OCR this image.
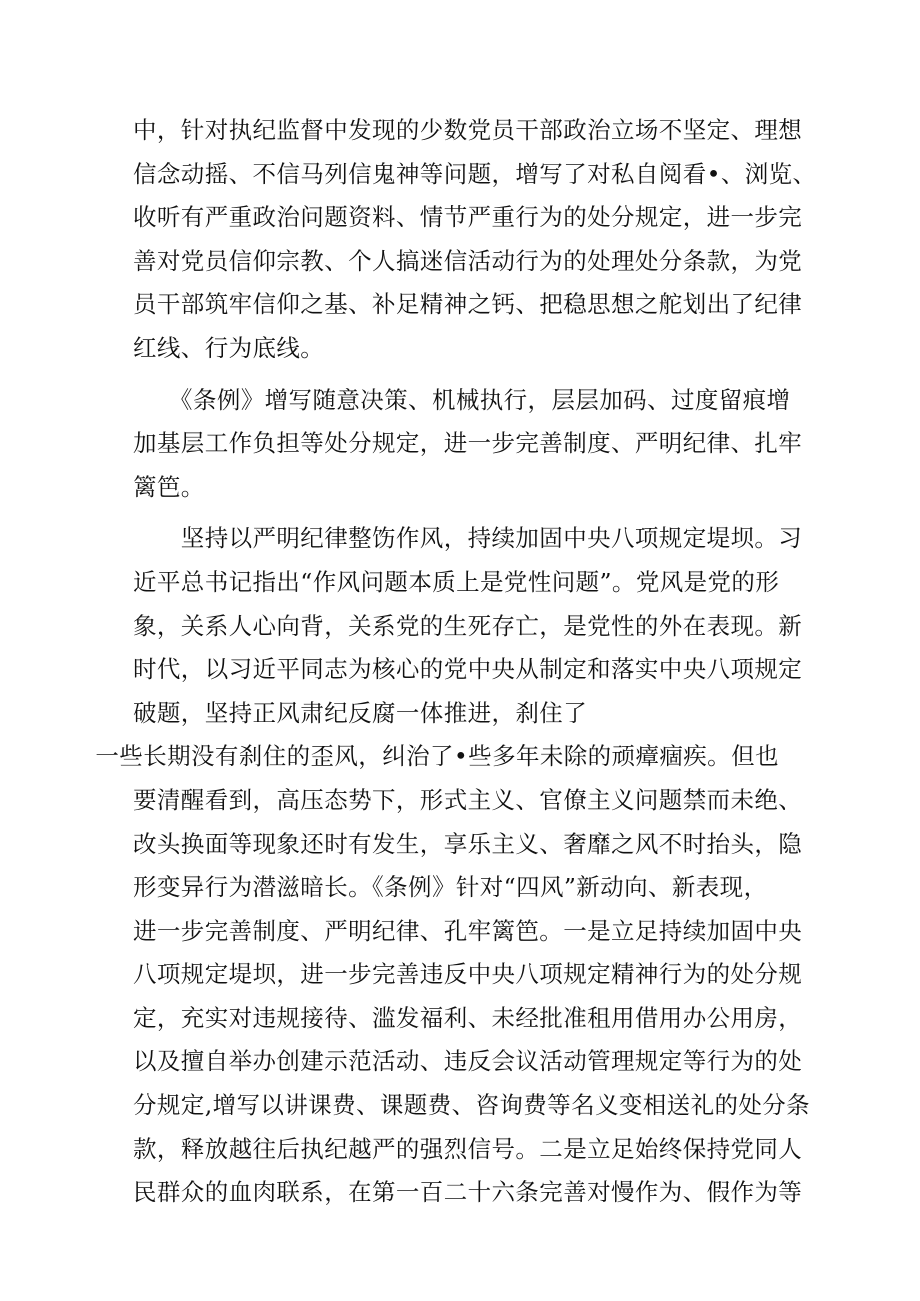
中，针对执纪监督中发现的少数党员干部政治立场不坚定、理想
信念动摇、不信马列信鬼神等问题，增写了对私自阅看•、浏览、
收听有严重政治问题资料、情节严重行为的处分规定，进一步完
善对党员信仰宗教、个人搞迷信活动行为的处理处分条款，为党
员干部筑牢信仰之基、补足精神之钙、把稳思想之舵划出了纪律
红线、行为底线。
　　《条例》增写随意决策、机械执行，层层加码、过度留痕增
加基层工作负担等处分规定，进一步完善制度、严明纪律、扎牢
篱笆。
　　坚持以严明纪律整饬作风，持续加固中央八项规定堤坝。习
近平总书记指出“作风问题本质上是党性问题”。党风是党的形
象，关系人心向背，关系党的生死存亡，是党性的外在表现。新
时代，以习近平同志为核心的党中央从制定和落实中央八项规定
破题，坚持正风肃纪反腐一体推进，刹住了
一些长期没有刹住的歪风，纠治了•些多年未除的顽瘴痼疾。但也
要清醒看到，高压态势下，形式主义、官僚主义问题禁而未绝、
改头换面等现象还时有发生，享乐主义、奢靡之风不时抬头，隐
形变异行为潜滋暗长。《条例》针对“四风”新动向、新表现，
进一步完善制度、严明纪律、孔牢篱笆。一是立足持续加固中央
八项规定堤坝，进一步完善违反中央八项规定精神行为的处分规
定，充实对违规接待、滥发福利、未经批准租用借用办公用房，
以及擅自举办创建示范活动、违反会议活动管理规定等行为的处
分规定,增写以讲课费、课题费、咨询费等名义变相送礼的处分条
款，释放越往后执纪越严的强烈信号。二是立足始终保持党同人
民群众的血肉联系，在第一百二十六条完善对慢作为、假作为等
